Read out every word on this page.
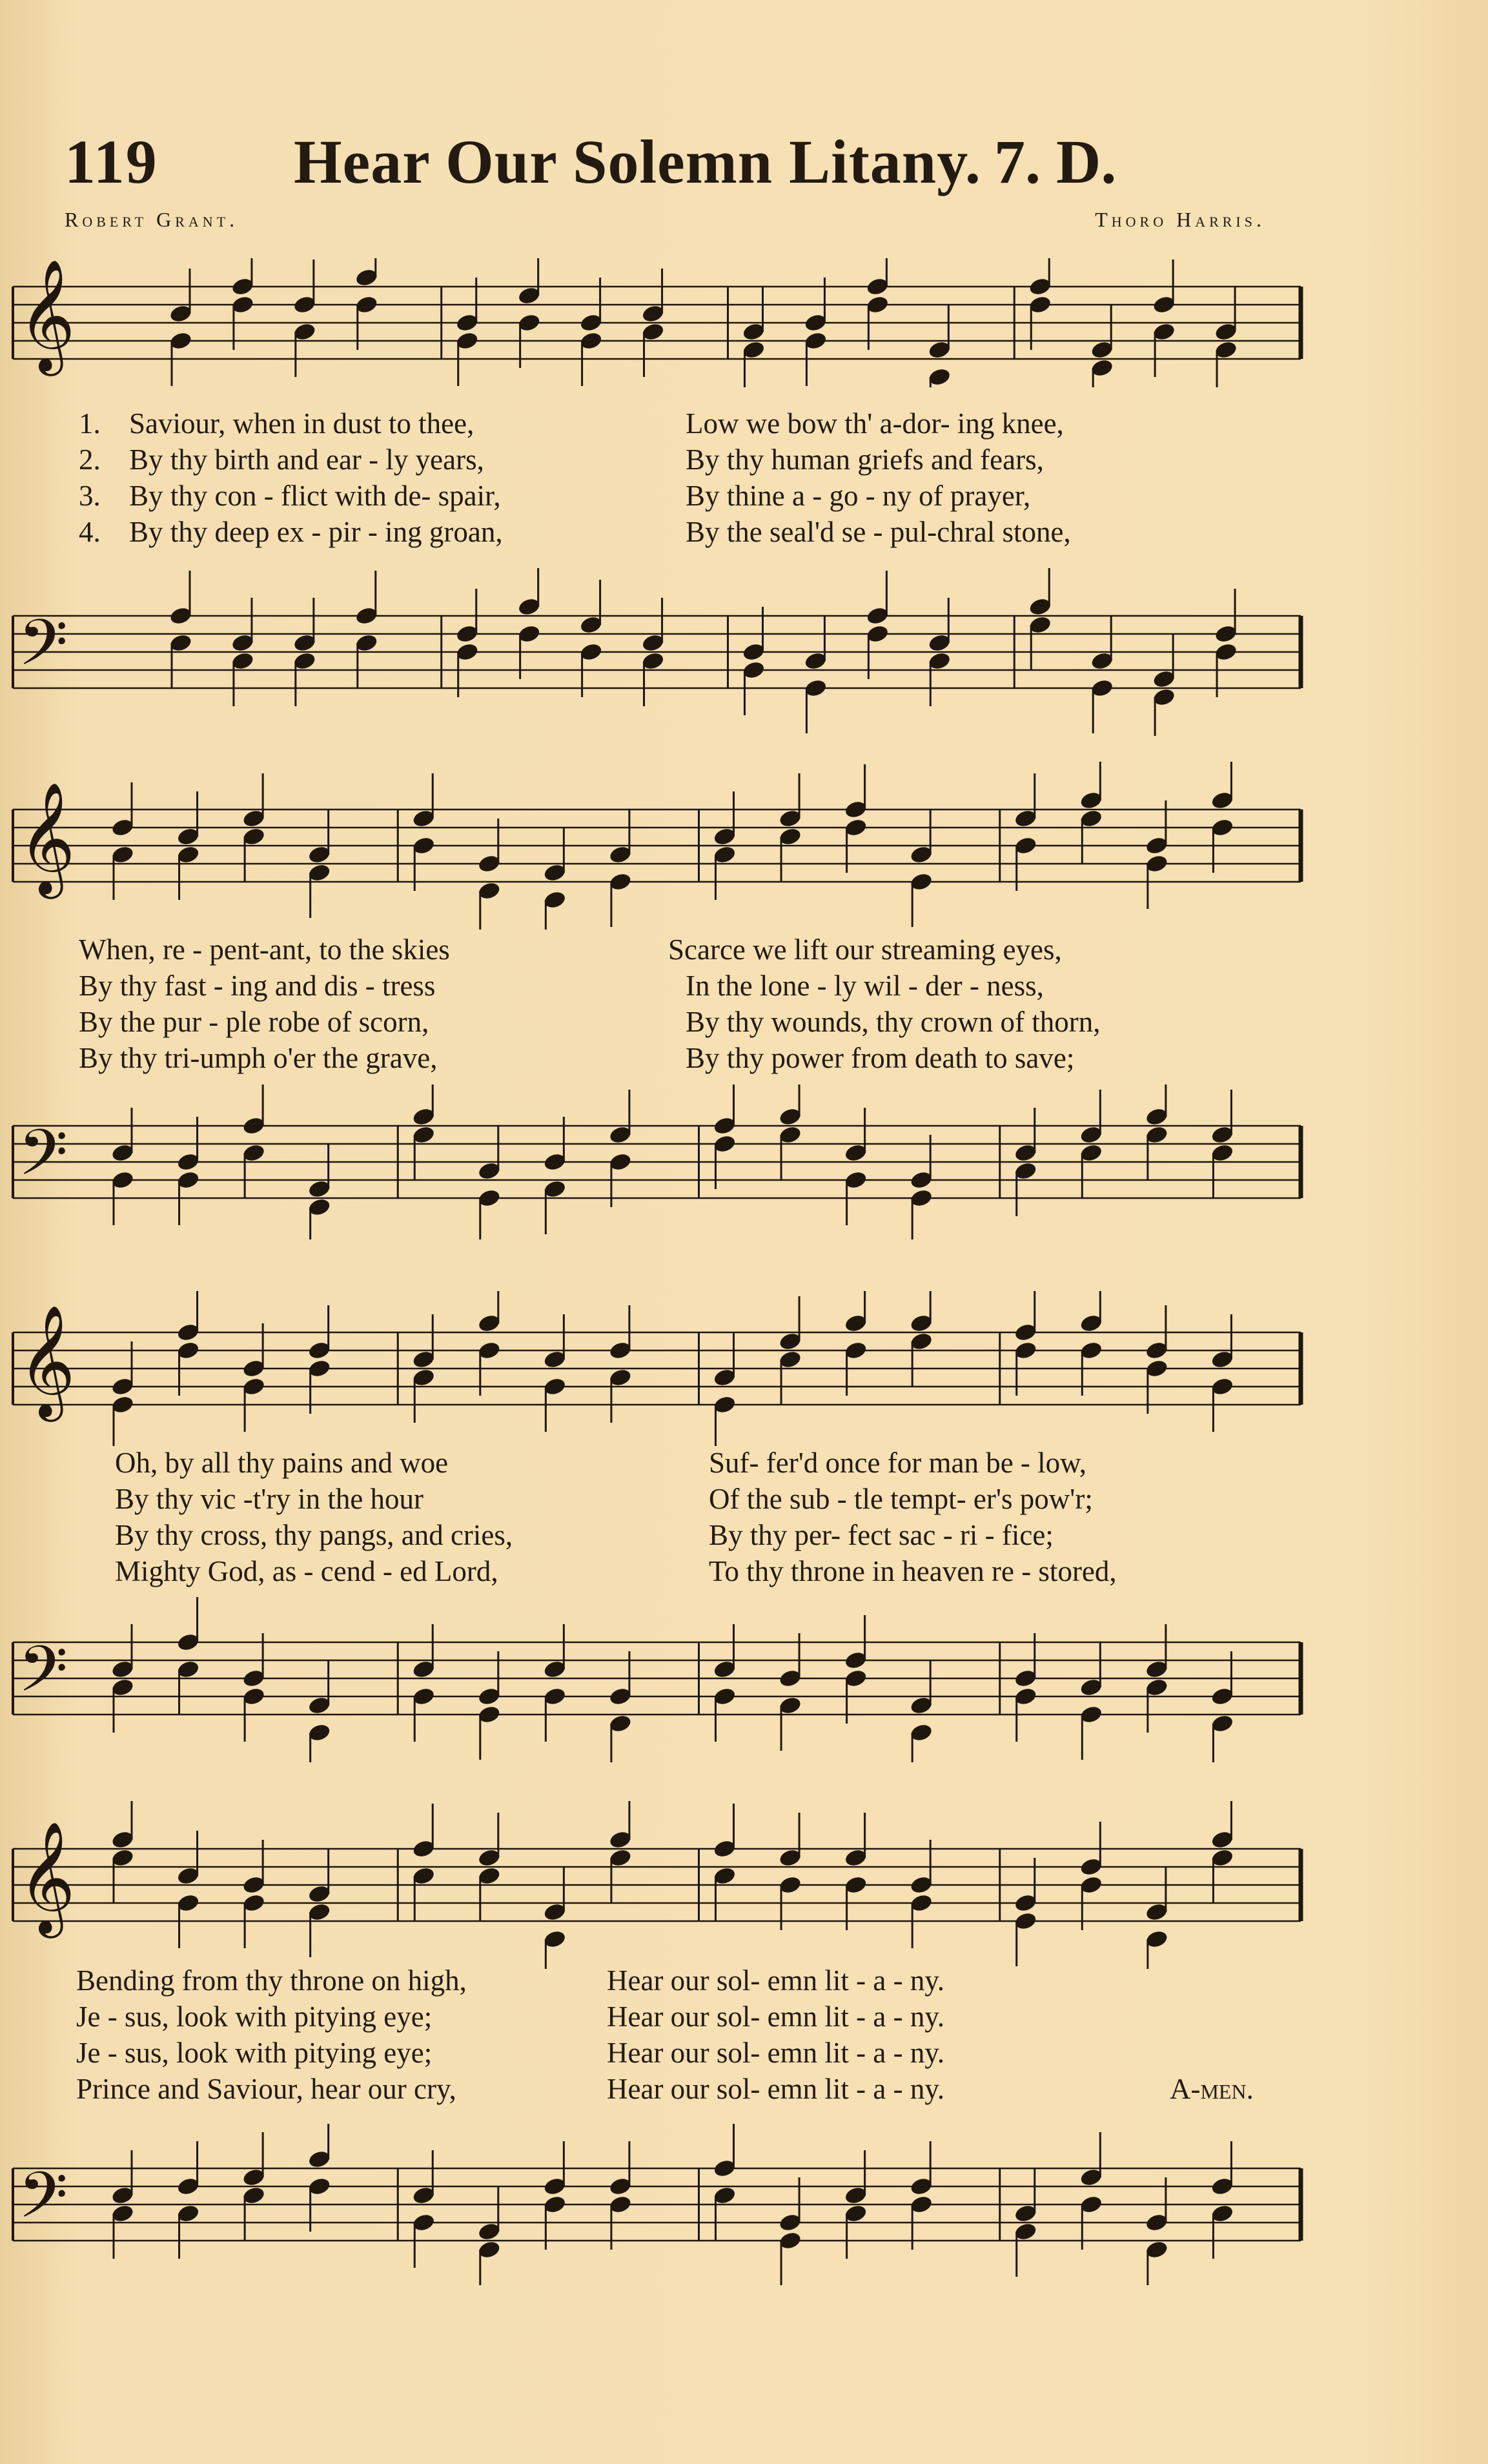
119 Hear Our Solemn Litany. 7. D.
Robert Grant.	Thoro Harris.
𝄞

1.

Saviour, when in dust to thee,

	Low we bow th' a-dor- ing knee,

2.

By thy birth and ear - ly years,

	By thy human griefs and fears,

3.

By thy con - flict with de- spair,

	By thine a - go - ny of prayer,

4.

By thy deep ex - pir - ing groan,

	By the seal'd se - pul-chral stone,

𝄢
𝄞

When, re - pent-ant, to the skies

	Scarce we lift our streaming eyes,

By thy fast - ing and dis - tress

	In the lone - ly wil - der - ness,

By the pur - ple robe of scorn,

	By thy wounds, thy crown of thorn,

By thy tri-umph o'er the grave,

	By thy power from death to save;

𝄢
𝄞

Oh, by all thy pains and woe

	Suf- fer'd once for man be - low,

By thy vic -t'ry in the hour

	Of the sub - tle tempt- er's pow'r;

By thy cross, thy pangs, and cries,

	By thy per- fect sac - ri - fice;

Mighty God, as - cend - ed Lord,

	To thy throne in heaven re - stored,

𝄢
𝄞

Bending from thy throne on high,

	Hear our sol- emn lit - a - ny.

Je - sus, look with pitying eye;

	Hear our sol- emn lit - a - ny.

Je - sus, look with pitying eye;

	Hear our sol- emn lit - a - ny.

Prince and Saviour, hear our cry,

	Hear our sol- emn lit - a - ny.

	A-men.

𝄢
